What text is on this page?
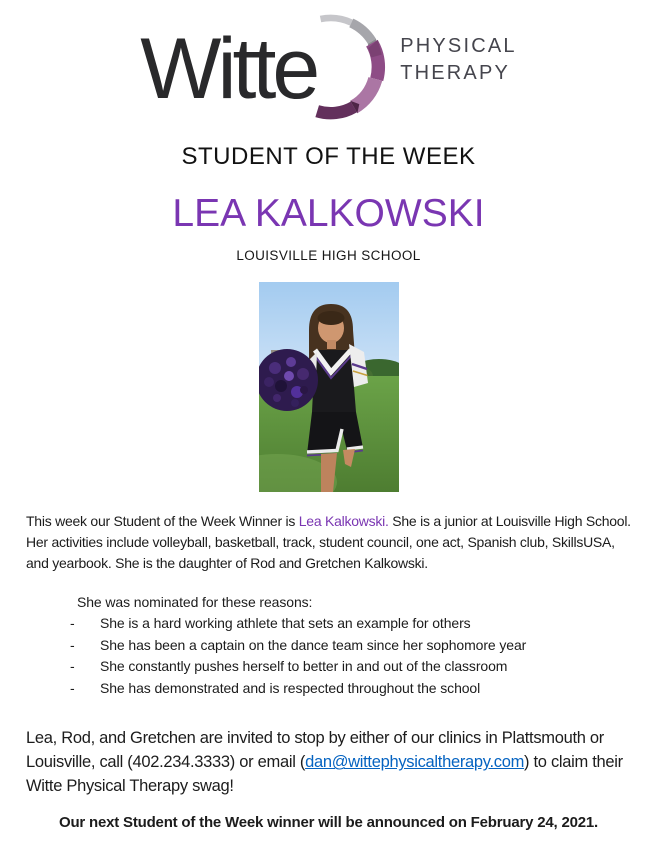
Witte	PHYSICAL
THERAPY
STUDENT OF THE WEEK
LEA KALKOWSKI
LOUISVILLE HIGH SCHOOL

This week our Student of the Week Winner is Lea Kalkowski. She is a junior at Louisville High School. Her activities include volleyball, basketball, track, student council, one act, Spanish club, SkillsUSA, and yearbook. She is the daughter of Rod and Gretchen Kalkowski.

She was nominated for these reasons:
-	She is a hard working athlete that sets an example for others
-	She has been a captain on the dance team since her sophomore year
-	She constantly pushes herself to better in and out of the classroom
-	She has demonstrated and is respected throughout the school

Lea, Rod, and Gretchen are invited to stop by either of our clinics in Plattsmouth or Louisville, call (402.234.3333) or email (dan@wittephysicaltherapy.com) to claim their Witte Physical Therapy swag!

Our next Student of the Week winner will be announced on February 24, 2021.
